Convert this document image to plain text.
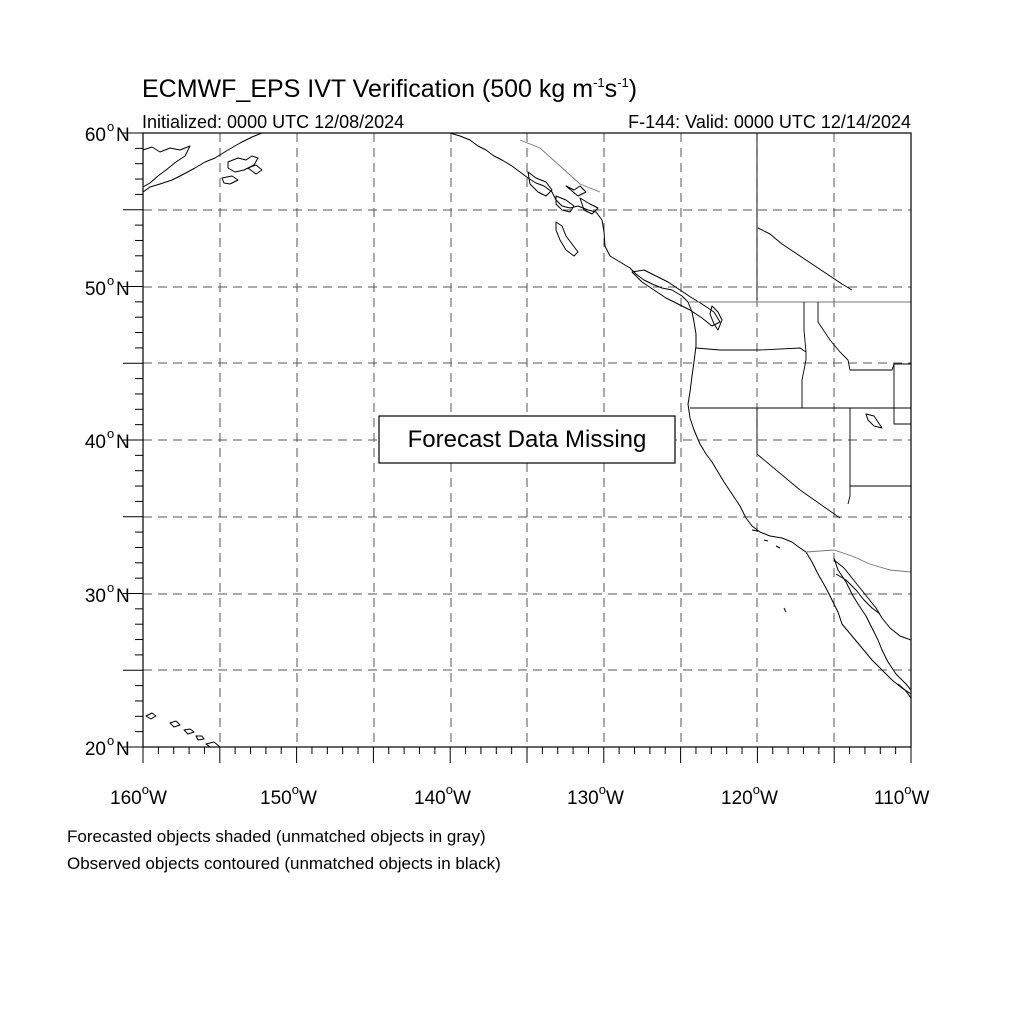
ECMWF_EPS IVT Verification (500 kg $m^{-1}s^{-1}$)
Initialized: 0000 UTC 12/08/2024	F-144: Valid: 0000 UTC 12/14/2024
Forecast Data Missing
60 o N
50 o N
40 o N
30 o N
20 o N
160$^o$W	150$^o$W	140$^o$W	130$^o$W	120$^o$W	110$^o$W
Forecasted objects shaded (unmatched objects in gray)
Observed objects contoured (unmatched objects in black)
